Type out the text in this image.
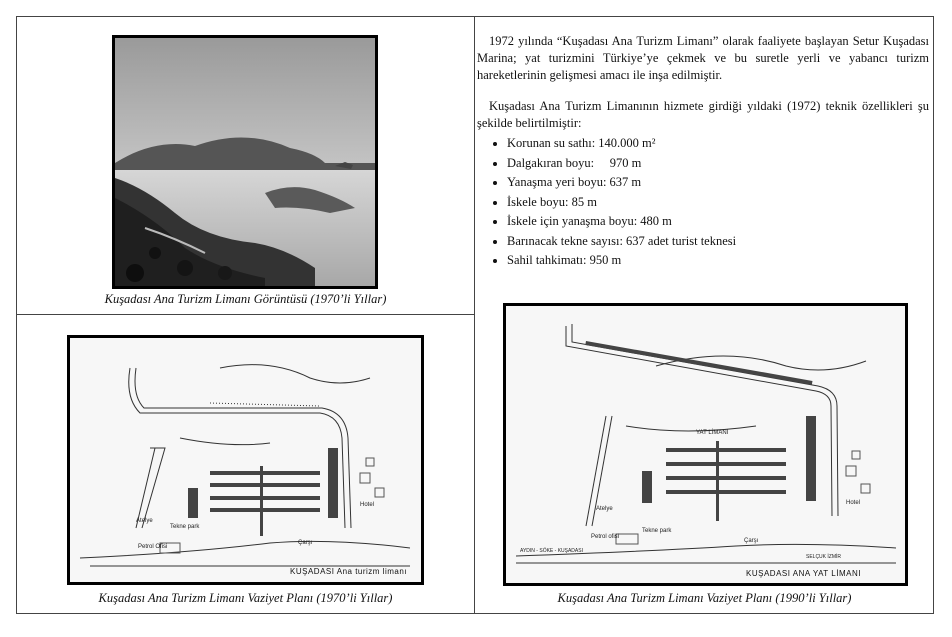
Kuşadası Ana Turizm Limanı Görüntüsü (1970’li Yıllar)

1972 yılında “Kuşadası Ana Turizm Limanı” olarak faaliyete başlayan Setur Kuşadası Marina; yat turizmini Türkiye’ye çekmek ve bu suretle yerli ve yabancı turizm hareketlerinin gelişmesi amacı ile inşa edilmiştir.

Kuşadası Ana Turizm Limanının hizmete girdiği yıldaki (1972) teknik özellikleri şu şekilde belirtilmiştir:

• Korunan su sathı: 140.000 m²
• Dalgakıran boyu:     970 m
• Yanaşma yeri boyu: 637 m
• İskele boyu: 85 m
• İskele için yanaşma boyu: 480 m
• Barınacak tekne sayısı: 637 adet turist teknesi
• Sahil tahkimatı: 950 m
Hotel
Atelye
Tekne park
Petrol Ofisi
Çarşı
KUŞADASI Ana turizm limanı
Kuşadası Ana Turizm Limanı Vaziyet Planı (1970’li Yıllar)
YAT LİMANI
Hotel
Atelye
Tekne park
Petrol ofisi
Çarşı
AYDIN - SÖKE - KUŞADASI
SELÇUK İZMİR
KUŞADASI ANA YAT LİMANI
Kuşadası Ana Turizm Limanı Vaziyet Planı (1990’li Yıllar)
